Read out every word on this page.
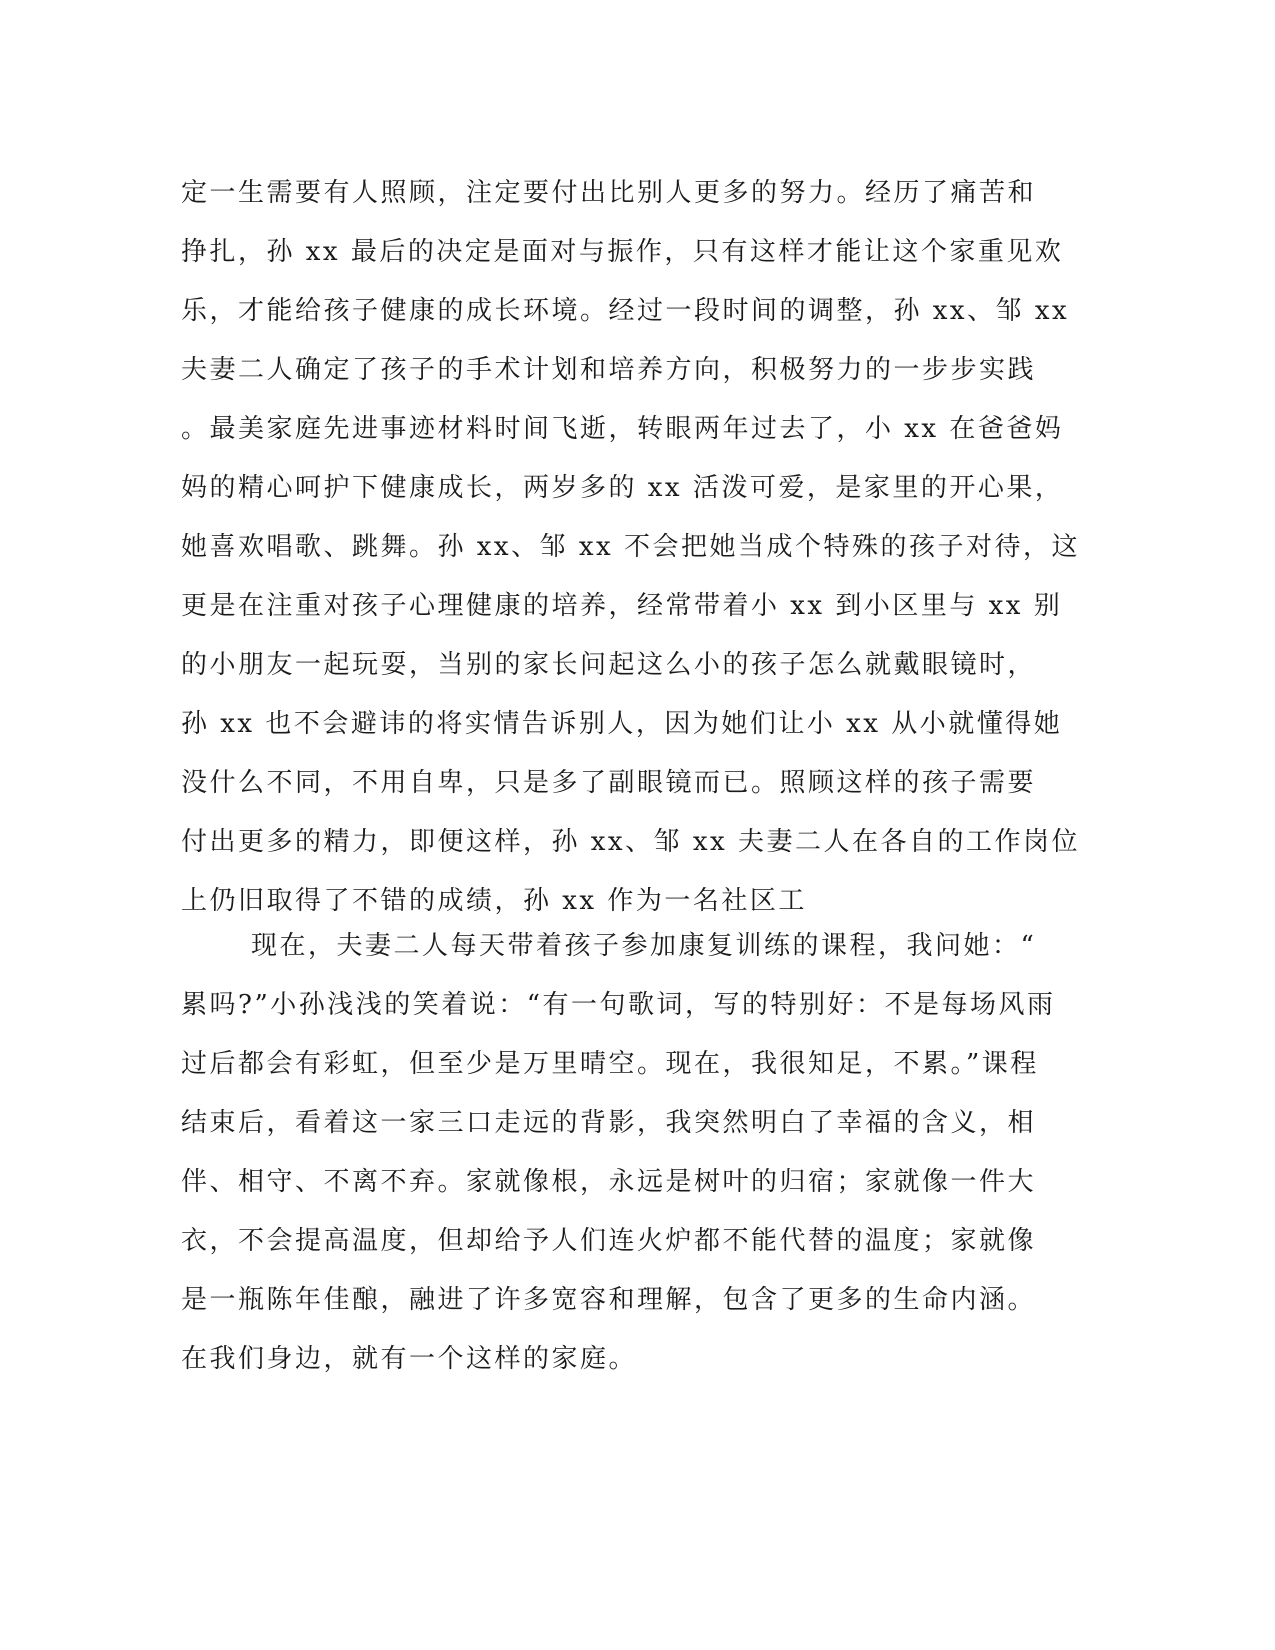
定一生需要有人照顾，注定要付出比别人更多的努力。经历了痛苦和
挣扎，孙 xx 最后的决定是面对与振作，只有这样才能让这个家重见欢
乐，才能给孩子健康的成长环境。经过一段时间的调整，孙 xx、邹 xx
夫妻二人确定了孩子的手术计划和培养方向，积极努力的一步步实践
。最美家庭先进事迹材料时间飞逝，转眼两年过去了，小 xx 在爸爸妈
妈的精心呵护下健康成长，两岁多的 xx 活泼可爱，是家里的开心果，
她喜欢唱歌、跳舞。孙 xx、邹 xx 不会把她当成个特殊的孩子对待，这
更是在注重对孩子心理健康的培养，经常带着小 xx 到小区里与 xx 别
的小朋友一起玩耍，当别的家长问起这么小的孩子怎么就戴眼镜时，
孙 xx 也不会避讳的将实情告诉别人，因为她们让小 xx 从小就懂得她
没什么不同，不用自卑，只是多了副眼镜而已。照顾这样的孩子需要
付出更多的精力，即便这样，孙 xx、邹 xx 夫妻二人在各自的工作岗位
上仍旧取得了不错的成绩，孙 xx 作为一名社区工
现在，夫妻二人每天带着孩子参加康复训练的课程，我问她：“
累吗?”小孙浅浅的笑着说：“有一句歌词，写的特别好：不是每场风雨
过后都会有彩虹，但至少是万里晴空。现在，我很知足，不累。”课程
结束后，看着这一家三口走远的背影，我突然明白了幸福的含义，相
伴、相守、不离不弃。家就像根，永远是树叶的归宿；家就像一件大
衣，不会提高温度，但却给予人们连火炉都不能代替的温度；家就像
是一瓶陈年佳酿，融进了许多宽容和理解，包含了更多的生命内涵。
在我们身边，就有一个这样的家庭。
